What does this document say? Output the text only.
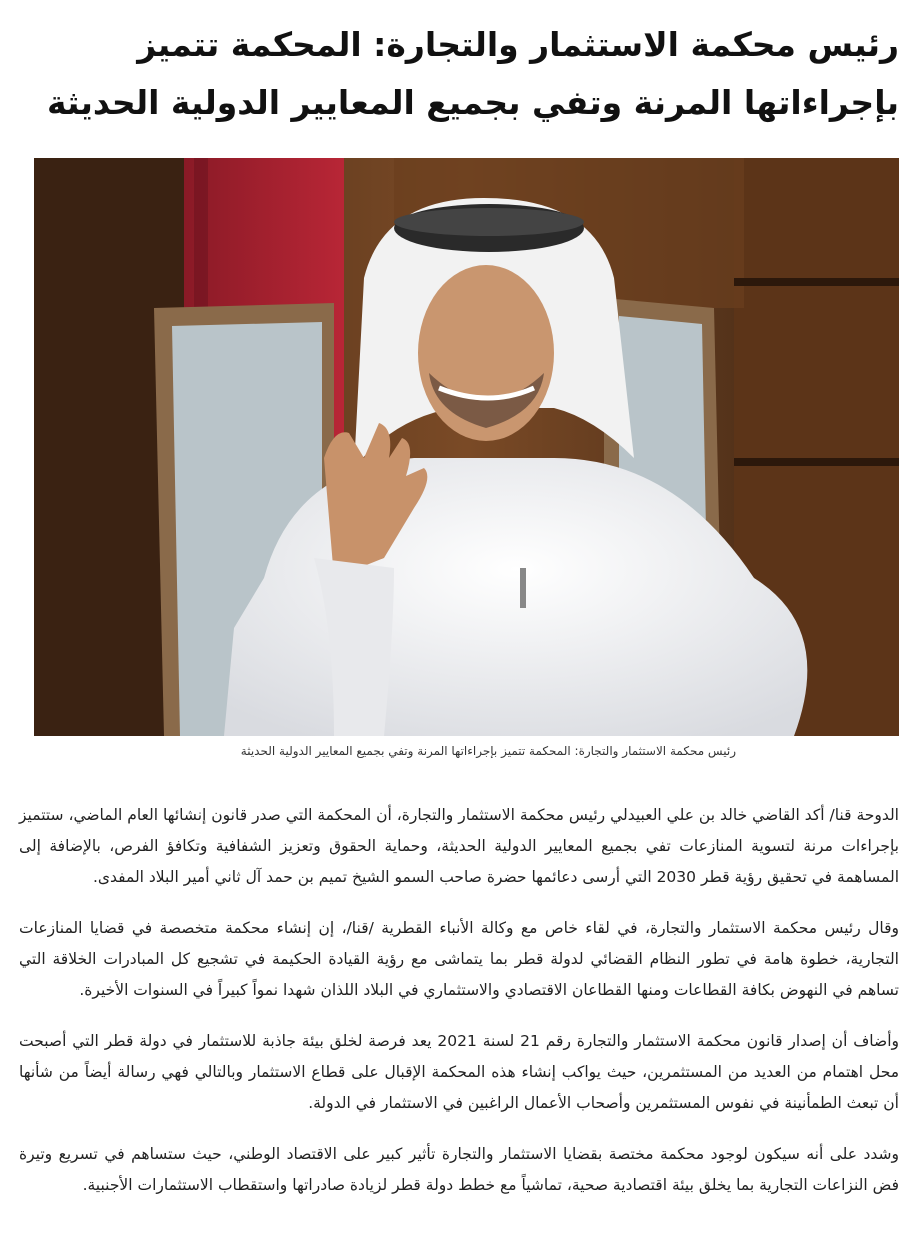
رئيس محكمة الاستثمار والتجارة: المحكمة تتميز بإجراءاتها المرنة وتفي بجميع المعايير الدولية الحديثة

رئيس محكمة الاستثمار والتجارة: المحكمة تتميز بإجراءاتها المرنة وتفي بجميع المعايير الدولية الحديثة

الدوحة قنا/ أكد القاضي خالد بن علي العبيدلي رئيس محكمة الاستثمار والتجارة، أن المحكمة التي صدر قانون إنشائها العام الماضي، ستتميز بإجراءات مرنة لتسوية المنازعات تفي بجميع المعايير الدولية الحديثة، وحماية الحقوق وتعزيز الشفافية وتكافؤ الفرص، بالإضافة إلى المساهمة في تحقيق رؤية قطر 2030 التي أرسى دعائمها حضرة صاحب السمو الشيخ تميم بن حمد آل ثاني أمير البلاد المفدى.

وقال رئيس محكمة الاستثمار والتجارة، في لقاء خاص مع وكالة الأنباء القطرية /قنا/، إن إنشاء محكمة متخصصة في قضايا المنازعات التجارية، خطوة هامة في تطور النظام القضائي لدولة قطر بما يتماشى مع رؤية القيادة الحكيمة في تشجيع كل المبادرات الخلاقة التي تساهم في النهوض بكافة القطاعات ومنها القطاعان الاقتصادي والاستثماري في البلاد اللذان شهدا نمواً كبيراً في السنوات الأخيرة.

وأضاف أن إصدار قانون محكمة الاستثمار والتجارة رقم 21 لسنة 2021 يعد فرصة لخلق بيئة جاذبة للاستثمار في دولة قطر التي أصبحت محل اهتمام من العديد من المستثمرين، حيث يواكب إنشاء هذه المحكمة الإقبال على قطاع الاستثمار وبالتالي فهي رسالة أيضاً من شأنها أن تبعث الطمأنينة في نفوس المستثمرين وأصحاب الأعمال الراغبين في الاستثمار في الدولة.

وشدد على أنه سيكون لوجود محكمة مختصة بقضايا الاستثمار والتجارة تأثير كبير على الاقتصاد الوطني، حيث ستساهم في تسريع وتيرة فض النزاعات التجارية بما يخلق بيئة اقتصادية صحية، تماشياً مع خطط دولة قطر لزيادة صادراتها واستقطاب الاستثمارات الأجنبية.
